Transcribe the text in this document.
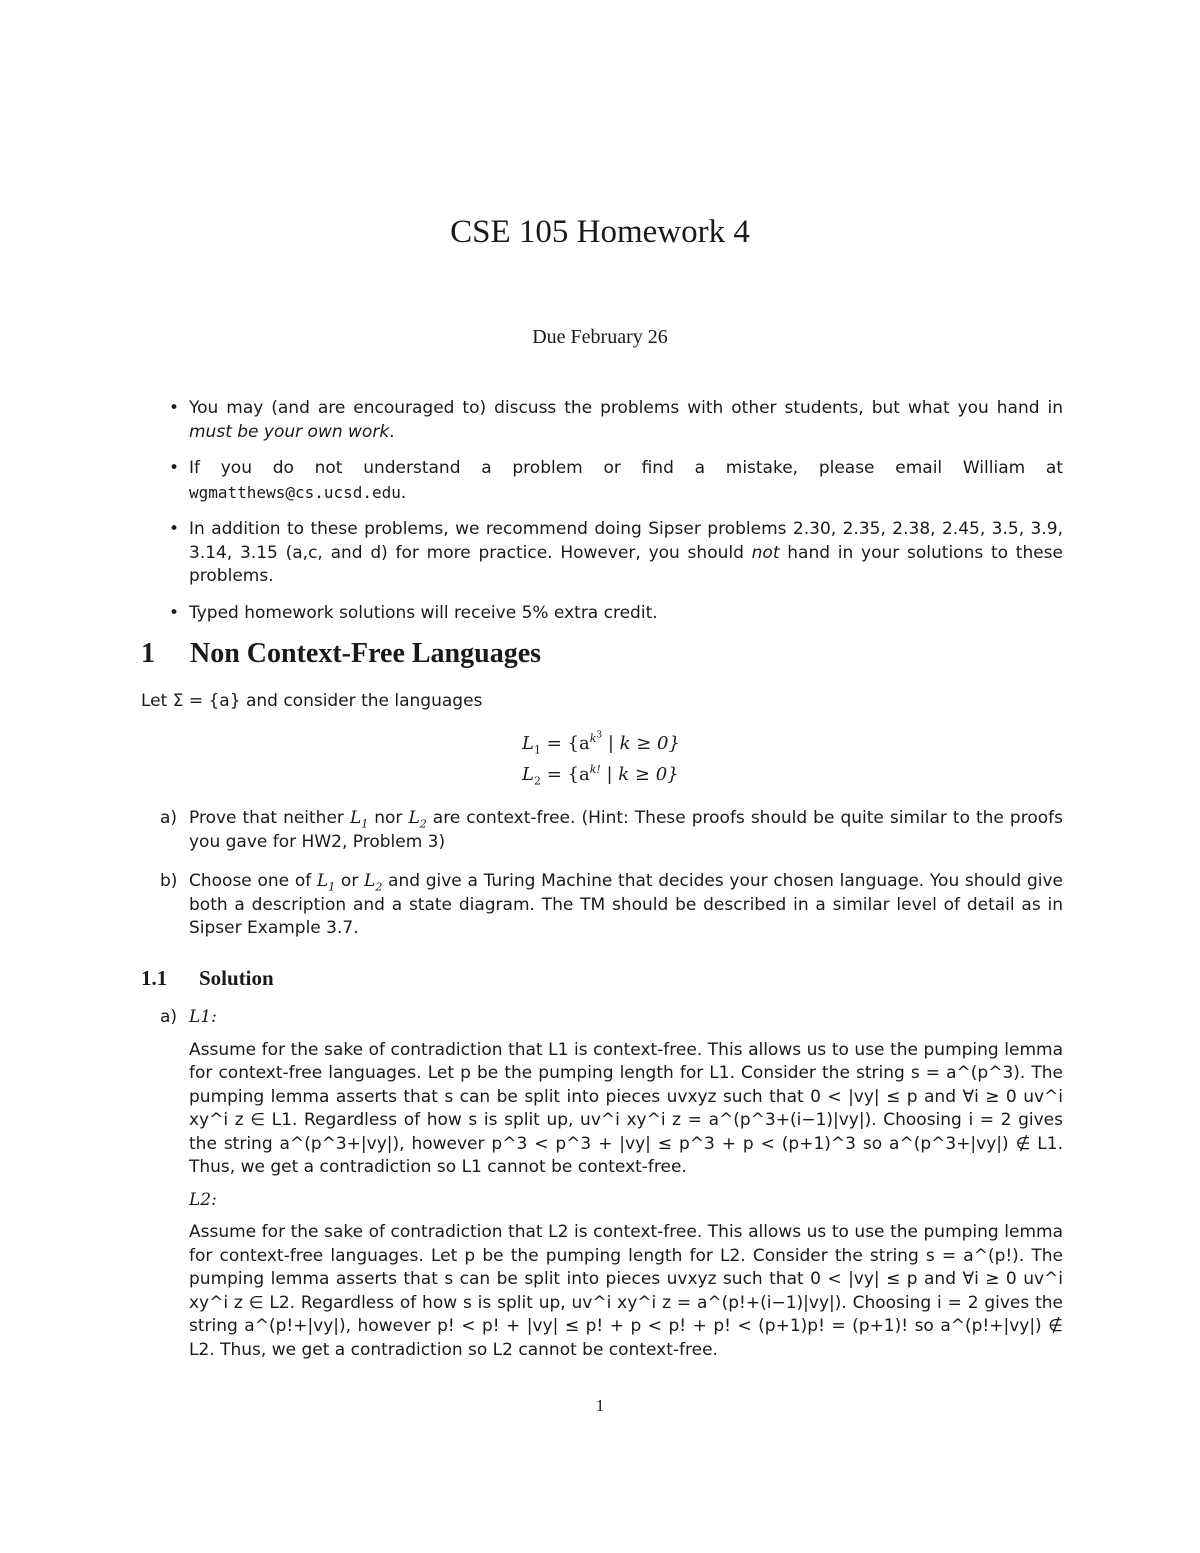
CSE 105 Homework 4
Due February 26
• You may (and are encouraged to) discuss the problems with other students, but what you hand in must be your own work.
• If you do not understand a problem or find a mistake, please email William at wgmatthews@cs.ucsd.edu.
• In addition to these problems, we recommend doing Sipser problems 2.30, 2.35, 2.38, 2.45, 3.5, 3.9, 3.14, 3.15 (a,c, and d) for more practice. However, you should not hand in your solutions to these problems.
• Typed homework solutions will receive 5% extra credit.
1 Non Context-Free Languages
Let Σ = {a} and consider the languages
$L_1 = \{a^{k^3}$ | k ≥ 0}
$L_2 = \{a^{k!}$ | k ≥ 0}
a) Prove that neither $L_1$ nor $L_2$ are context-free. (Hint: These proofs should be quite similar to the proofs you gave for HW2, Problem 3)
b) Choose one of $L_1$ or $L_2$ and give a Turing Machine that decides your chosen language. You should give both a description and a state diagram. The TM should be described in a similar level of detail as in Sipser Example 3.7.
1.1 Solution
a) L1:

Assume for the sake of contradiction that L1 is context-free. This allows us to use the pumping lemma for context-free languages. Let p be the pumping length for L1. Consider the string s = a^(p^3). The pumping lemma asserts that s can be split into pieces uvxyz such that 0 < |vy| ≤ p and ∀i ≥ 0 uv^i xy^i z ∈ L1. Regardless of how s is split up, uv^i xy^i z = a^(p^3+(i−1)|vy|). Choosing i = 2 gives the string a^(p^3+|vy|), however p^3 < p^3 + |vy| ≤ p^3 + p < (p+1)^3 so a^(p^3+|vy|) ∉ L1. Thus, we get a contradiction so L1 cannot be context-free.

L2:

Assume for the sake of contradiction that L2 is context-free. This allows us to use the pumping lemma for context-free languages. Let p be the pumping length for L2. Consider the string s = a^(p!). The pumping lemma asserts that s can be split into pieces uvxyz such that 0 < |vy| ≤ p and ∀i ≥ 0 uv^i xy^i z ∈ L2. Regardless of how s is split up, uv^i xy^i z = a^(p!+(i−1)|vy|). Choosing i = 2 gives the string a^(p!+|vy|), however p! < p! + |vy| ≤ p! + p < p! + p! < (p+1)p! = (p+1)! so a^(p!+|vy|) ∉ L2. Thus, we get a contradiction so L2 cannot be context-free.

1
